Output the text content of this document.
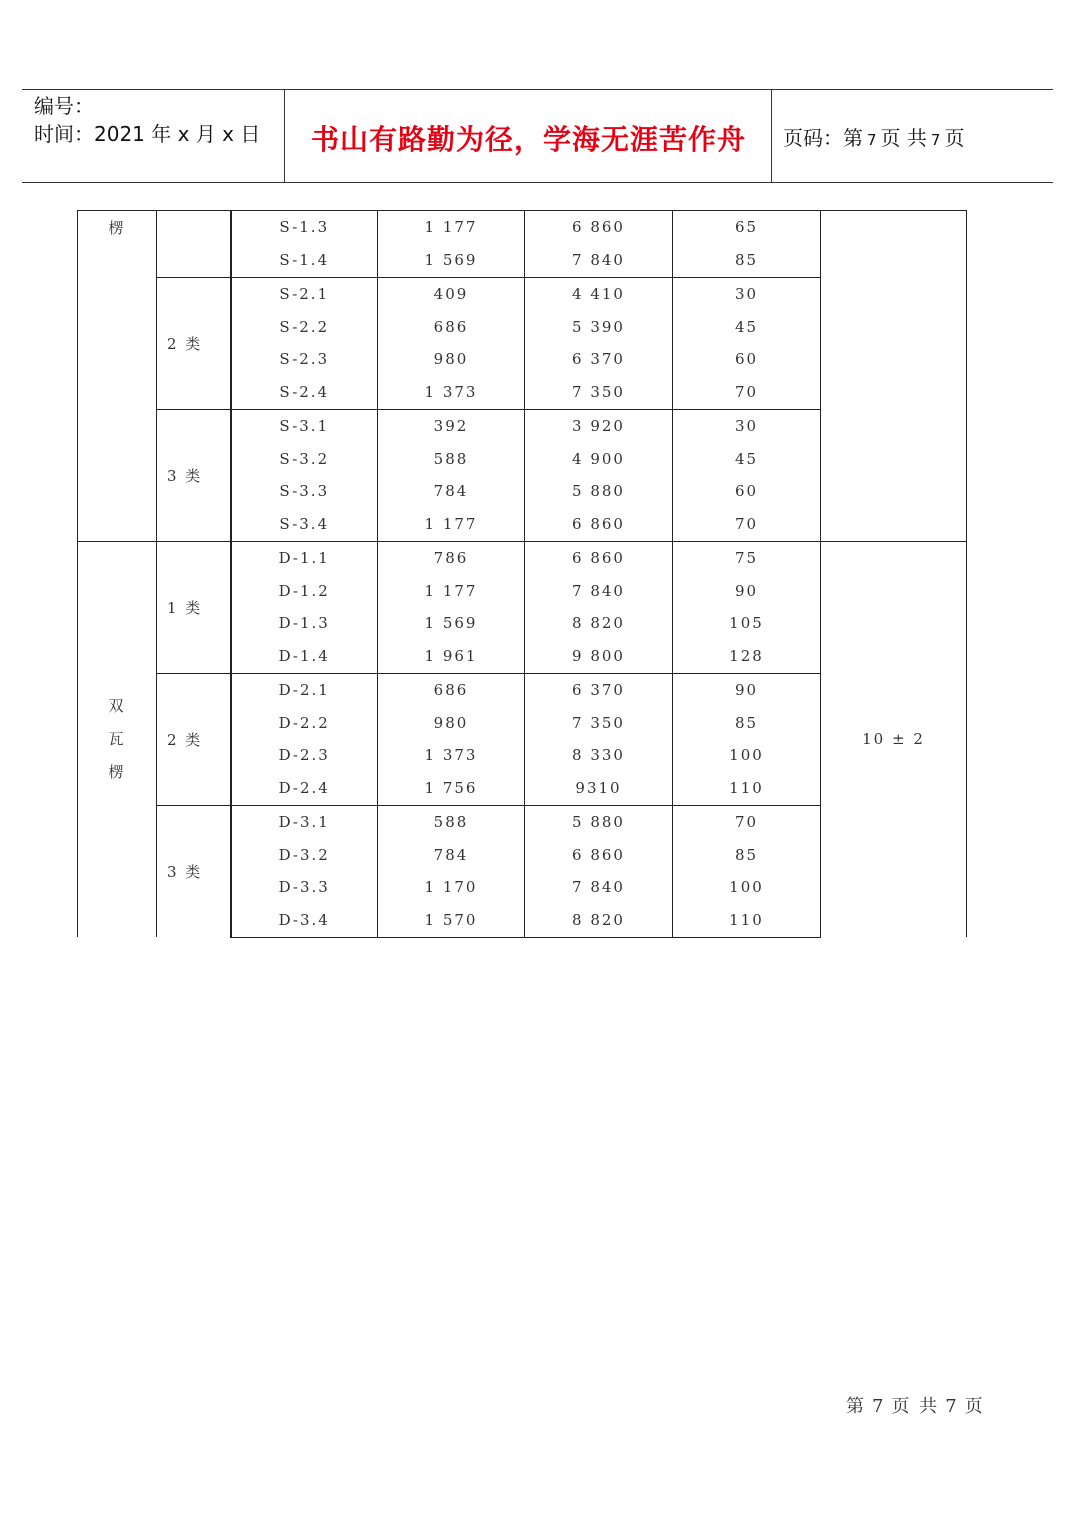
编号：
时间：2021 年 x 月 x 日	书山有路勤为径，学海无涯苦作舟	页码：第 7 页 共 7 页
楞		S-1.3	1 177	6 860	65	
		S-1.4	1 569	7 840	85	
	2 类	S-2.1	409	4 410	30	
		S-2.2	686	5 390	45	
		S-2.3	980	6 370	60	
		S-2.4	1 373	7 350	70	
	3 类	S-3.1	392	3 920	30	
		S-3.2	588	4 900	45	
		S-3.3	784	5 880	60	
		S-3.4	1 177	6 860	70	

双
瓦
楞	1 类	D-1.1	786	6 860	75	10 ± 2
		D-1.2	1 177	7 840	90	
		D-1.3	1 569	8 820	105	
		D-1.4	1 961	9 800	128	
	2 类	D-2.1	686	6 370	90	
		D-2.2	980	7 350	85	
		D-2.3	1 373	8 330	100	
		D-2.4	1 756	9310	110	
	3 类	D-3.1	588	5 880	70	
		D-3.2	784	6 860	85	
		D-3.3	1 170	7 840	100	
		D-3.4	1 570	8 820	110	
第 7 页 共 7 页
